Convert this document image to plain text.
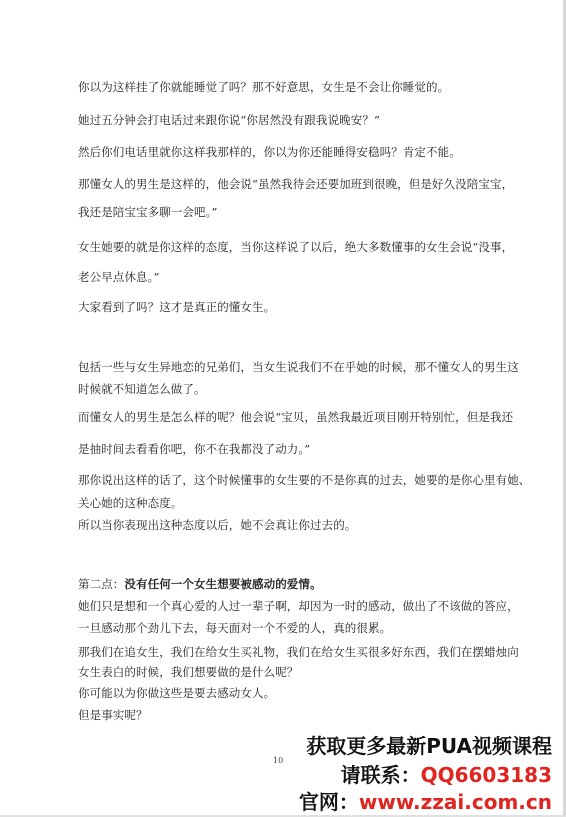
你以为这样挂了你就能睡觉了吗？那不好意思，女生是不会让你睡觉的。

她过五分钟会打电话过来跟你说“你居然没有跟我说晚安？”

然后你们电话里就你这样我那样的，你以为你还能睡得安稳吗？肯定不能。

那懂女人的男生是这样的，他会说“虽然我待会还要加班到很晚，但是好久没陪宝宝，

我还是陪宝宝多聊一会吧。”

女生她要的就是你这样的态度，当你这样说了以后，绝大多数懂事的女生会说“没事，

老公早点休息。”

大家看到了吗？这才是真正的懂女生。

包括一些与女生异地恋的兄弟们，当女生说我们不在乎她的时候，那不懂女人的男生这

时候就不知道怎么做了。

而懂女人的男生是怎么样的呢？他会说“宝贝，虽然我最近项目刚开特别忙，但是我还

是抽时间去看看你吧，你不在我都没了动力。”

那你说出这样的话了，这个时候懂事的女生要的不是你真的过去，她要的是你心里有她、

关心她的这种态度。

所以当你表现出这种态度以后，她不会真让你过去的。

第二点：没有任何一个女生想要被感动的爱情。

她们只是想和一个真心爱的人过一辈子啊，却因为一时的感动，做出了不该做的答应，

一旦感动那个劲儿下去，每天面对一个不爱的人，真的很累。

那我们在追女生，我们在给女生买礼物，我们在给女生买很多好东西，我们在摆蜡烛向

女生表白的时候，我们想要做的是什么呢？

你可能以为你做这些是要去感动女人。

但是事实呢？

10
获取更多最新PUA视频课程
请联系：QQ6603183
官网：www.zzai.com.cn
